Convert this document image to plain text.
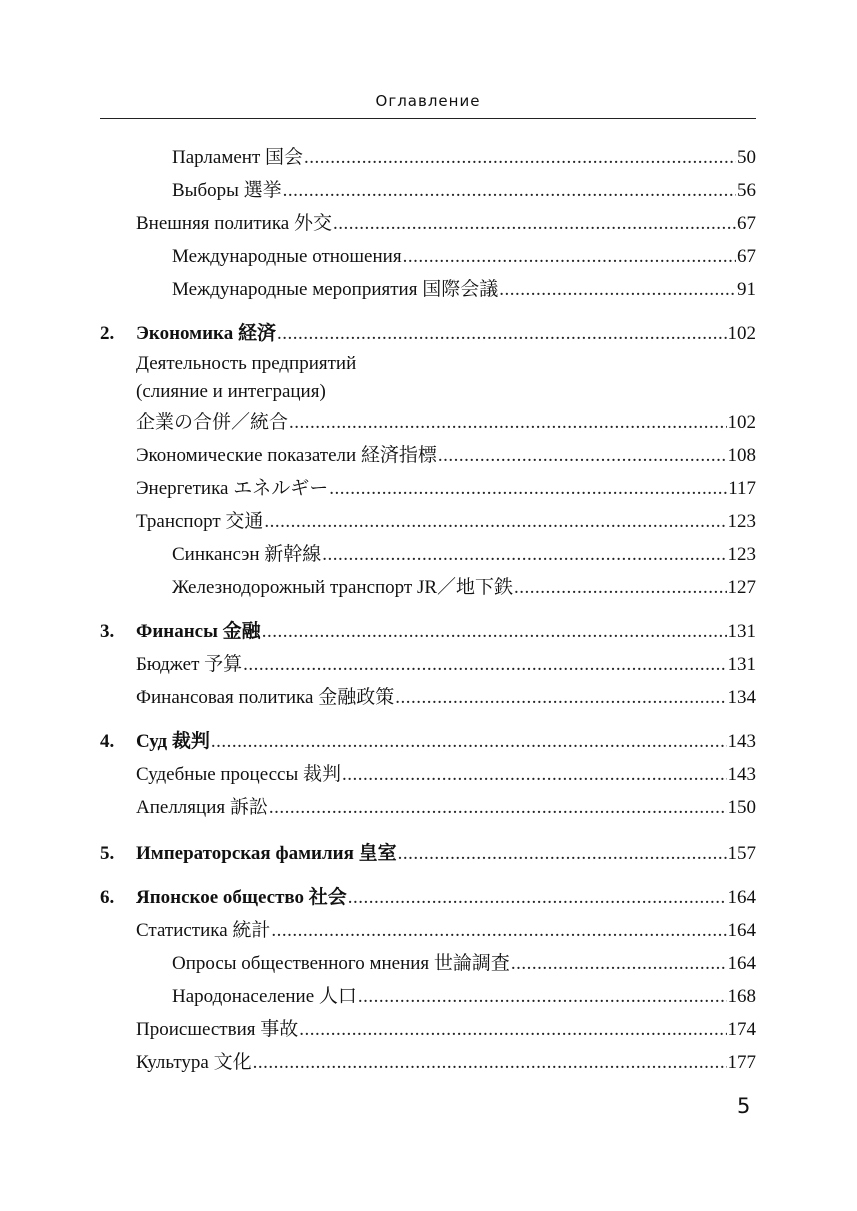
Оглавление
Парламент 国会 .....	50
Выборы 選挙 .....	56
Внешняя политика 外交 .....	67
Международные отношения .....	67
Международные мероприятия 国際会議 .....	91
2. Экономика 経済 .....	102
Деятельность предприятий
(слияние и интеграция)
企業の合併／統合 .....	102
Экономические показатели 経済指標 .....	108
Энергетика エネルギー .....	117
Транспорт 交通 .....	123
Синкансэн 新幹線 .....	123
Железнодорожный транспорт JR／地下鉄 .....	127
3. Финансы 金融 .....	131
Бюджет 予算 .....	131
Финансовая политика 金融政策 .....	134
4. Суд 裁判 .....	143
Судебные процессы 裁判 .....	143
Апелляция 訴訟 .....	150
5. Императорская фамилия 皇室 .....	157
6. Японское общество 社会 .....	164
Статистика 統計 .....	164
Опросы общественного мнения 世論調査 .....	164
Народонаселение 人口 .....	168
Происшествия 事故 .....	174
Культура 文化 .....	177
5
